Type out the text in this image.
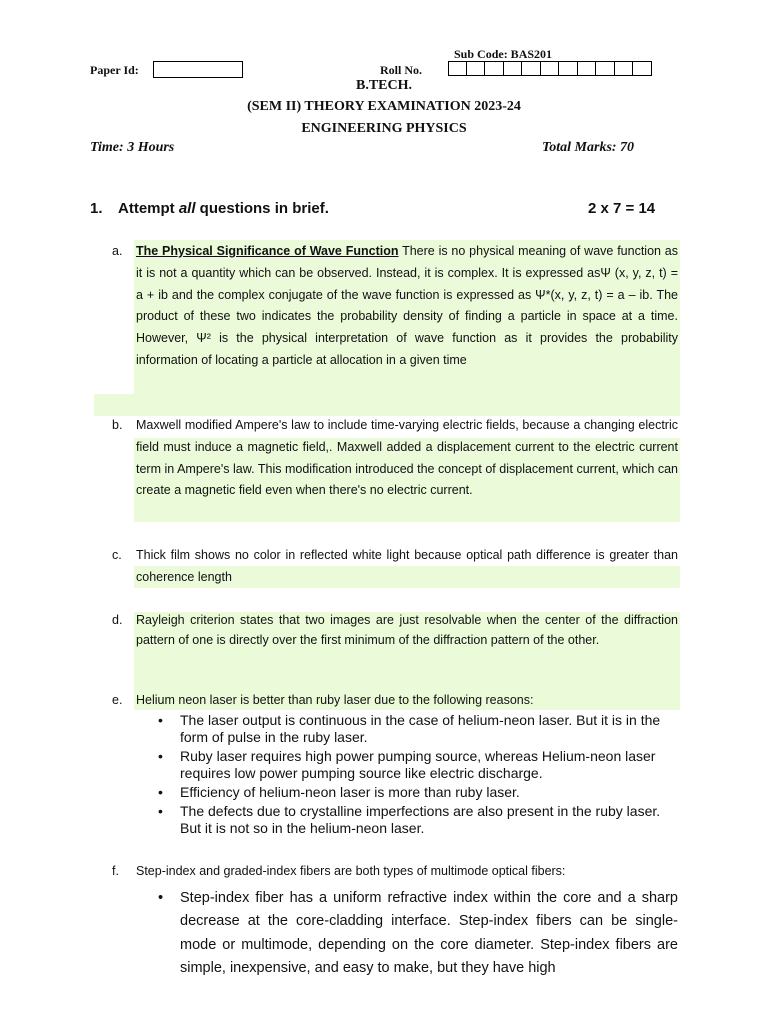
Sub Code: BAS201
Paper Id:	Roll No.
B.TECH.
(SEM II) THEORY EXAMINATION 2023-24
ENGINEERING PHYSICS
Time: 3 Hours	Total Marks: 70
1. Attempt all questions in brief.	2 x 7 = 14
a. The Physical Significance of Wave Function There is no physical meaning of wave function as it is not a quantity which can be observed. Instead, it is complex. It is expressed asΨ (x, y, z, t) = a + ib and the complex conjugate of the wave function is expressed as Ψ*(x, y, z, t) = a – ib. The product of these two indicates the probability density of finding a particle in space at a time. However, Ψ² is the physical interpretation of wave function as it provides the probability information of locating a particle at allocation in a given time
b. Maxwell modified Ampere's law to include time-varying electric fields, because a changing electric field must induce a magnetic field,. Maxwell added a displacement current to the electric current term in Ampere's law. This modification introduced the concept of displacement current, which can create a magnetic field even when there's no electric current.
c. Thick film shows no color in reflected white light because optical path difference is greater than coherence length
d. Rayleigh criterion states that two images are just resolvable when the center of the diffraction pattern of one is directly over the first minimum of the diffraction pattern of the other.
e. Helium neon laser is better than ruby laser due to the following reasons:
• The laser output is continuous in the case of helium-neon laser. But it is in the form of pulse in the ruby laser.
• Ruby laser requires high power pumping source, whereas Helium-neon laser requires low power pumping source like electric discharge.
• Efficiency of helium-neon laser is more than ruby laser.
• The defects due to crystalline imperfections are also present in the ruby laser. But it is not so in the helium-neon laser.
f. Step-index and graded-index fibers are both types of multimode optical fibers:
• Step-index fiber has a uniform refractive index within the core and a sharp decrease at the core-cladding interface. Step-index fibers can be single-mode or multimode, depending on the core diameter. Step-index fibers are simple, inexpensive, and easy to make, but they have high
